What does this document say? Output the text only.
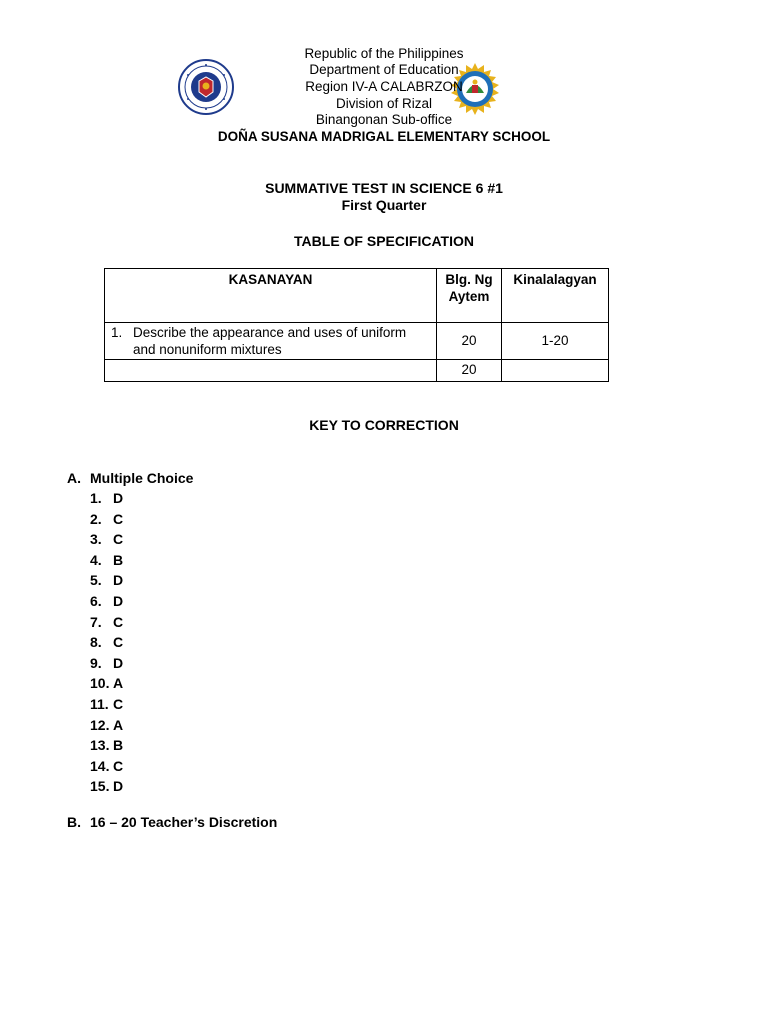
Republic of the Philippines
Department of Education
Region IV-A CALABRZON
Division of Rizal
Binangonan Sub-office
DOÑA SUSANA MADRIGAL ELEMENTARY SCHOOL
SUMMATIVE TEST IN SCIENCE 6 #1
First Quarter
TABLE OF SPECIFICATION
KASANAYAN	Blg. Ng Aytem
Kinalalagyan
1. Describe the appearance and uses of uniform and nonuniform mixtures
20	1-20
20
KEY TO CORRECTION
A. Multiple Choice
1. D
2. C
3. C
4. B
5. D
6. D
7. C
8. C
9. D
10. A
11. C
12. A
13. B
14. C
15. D
B. 16 – 20 Teacher’s Discretion
